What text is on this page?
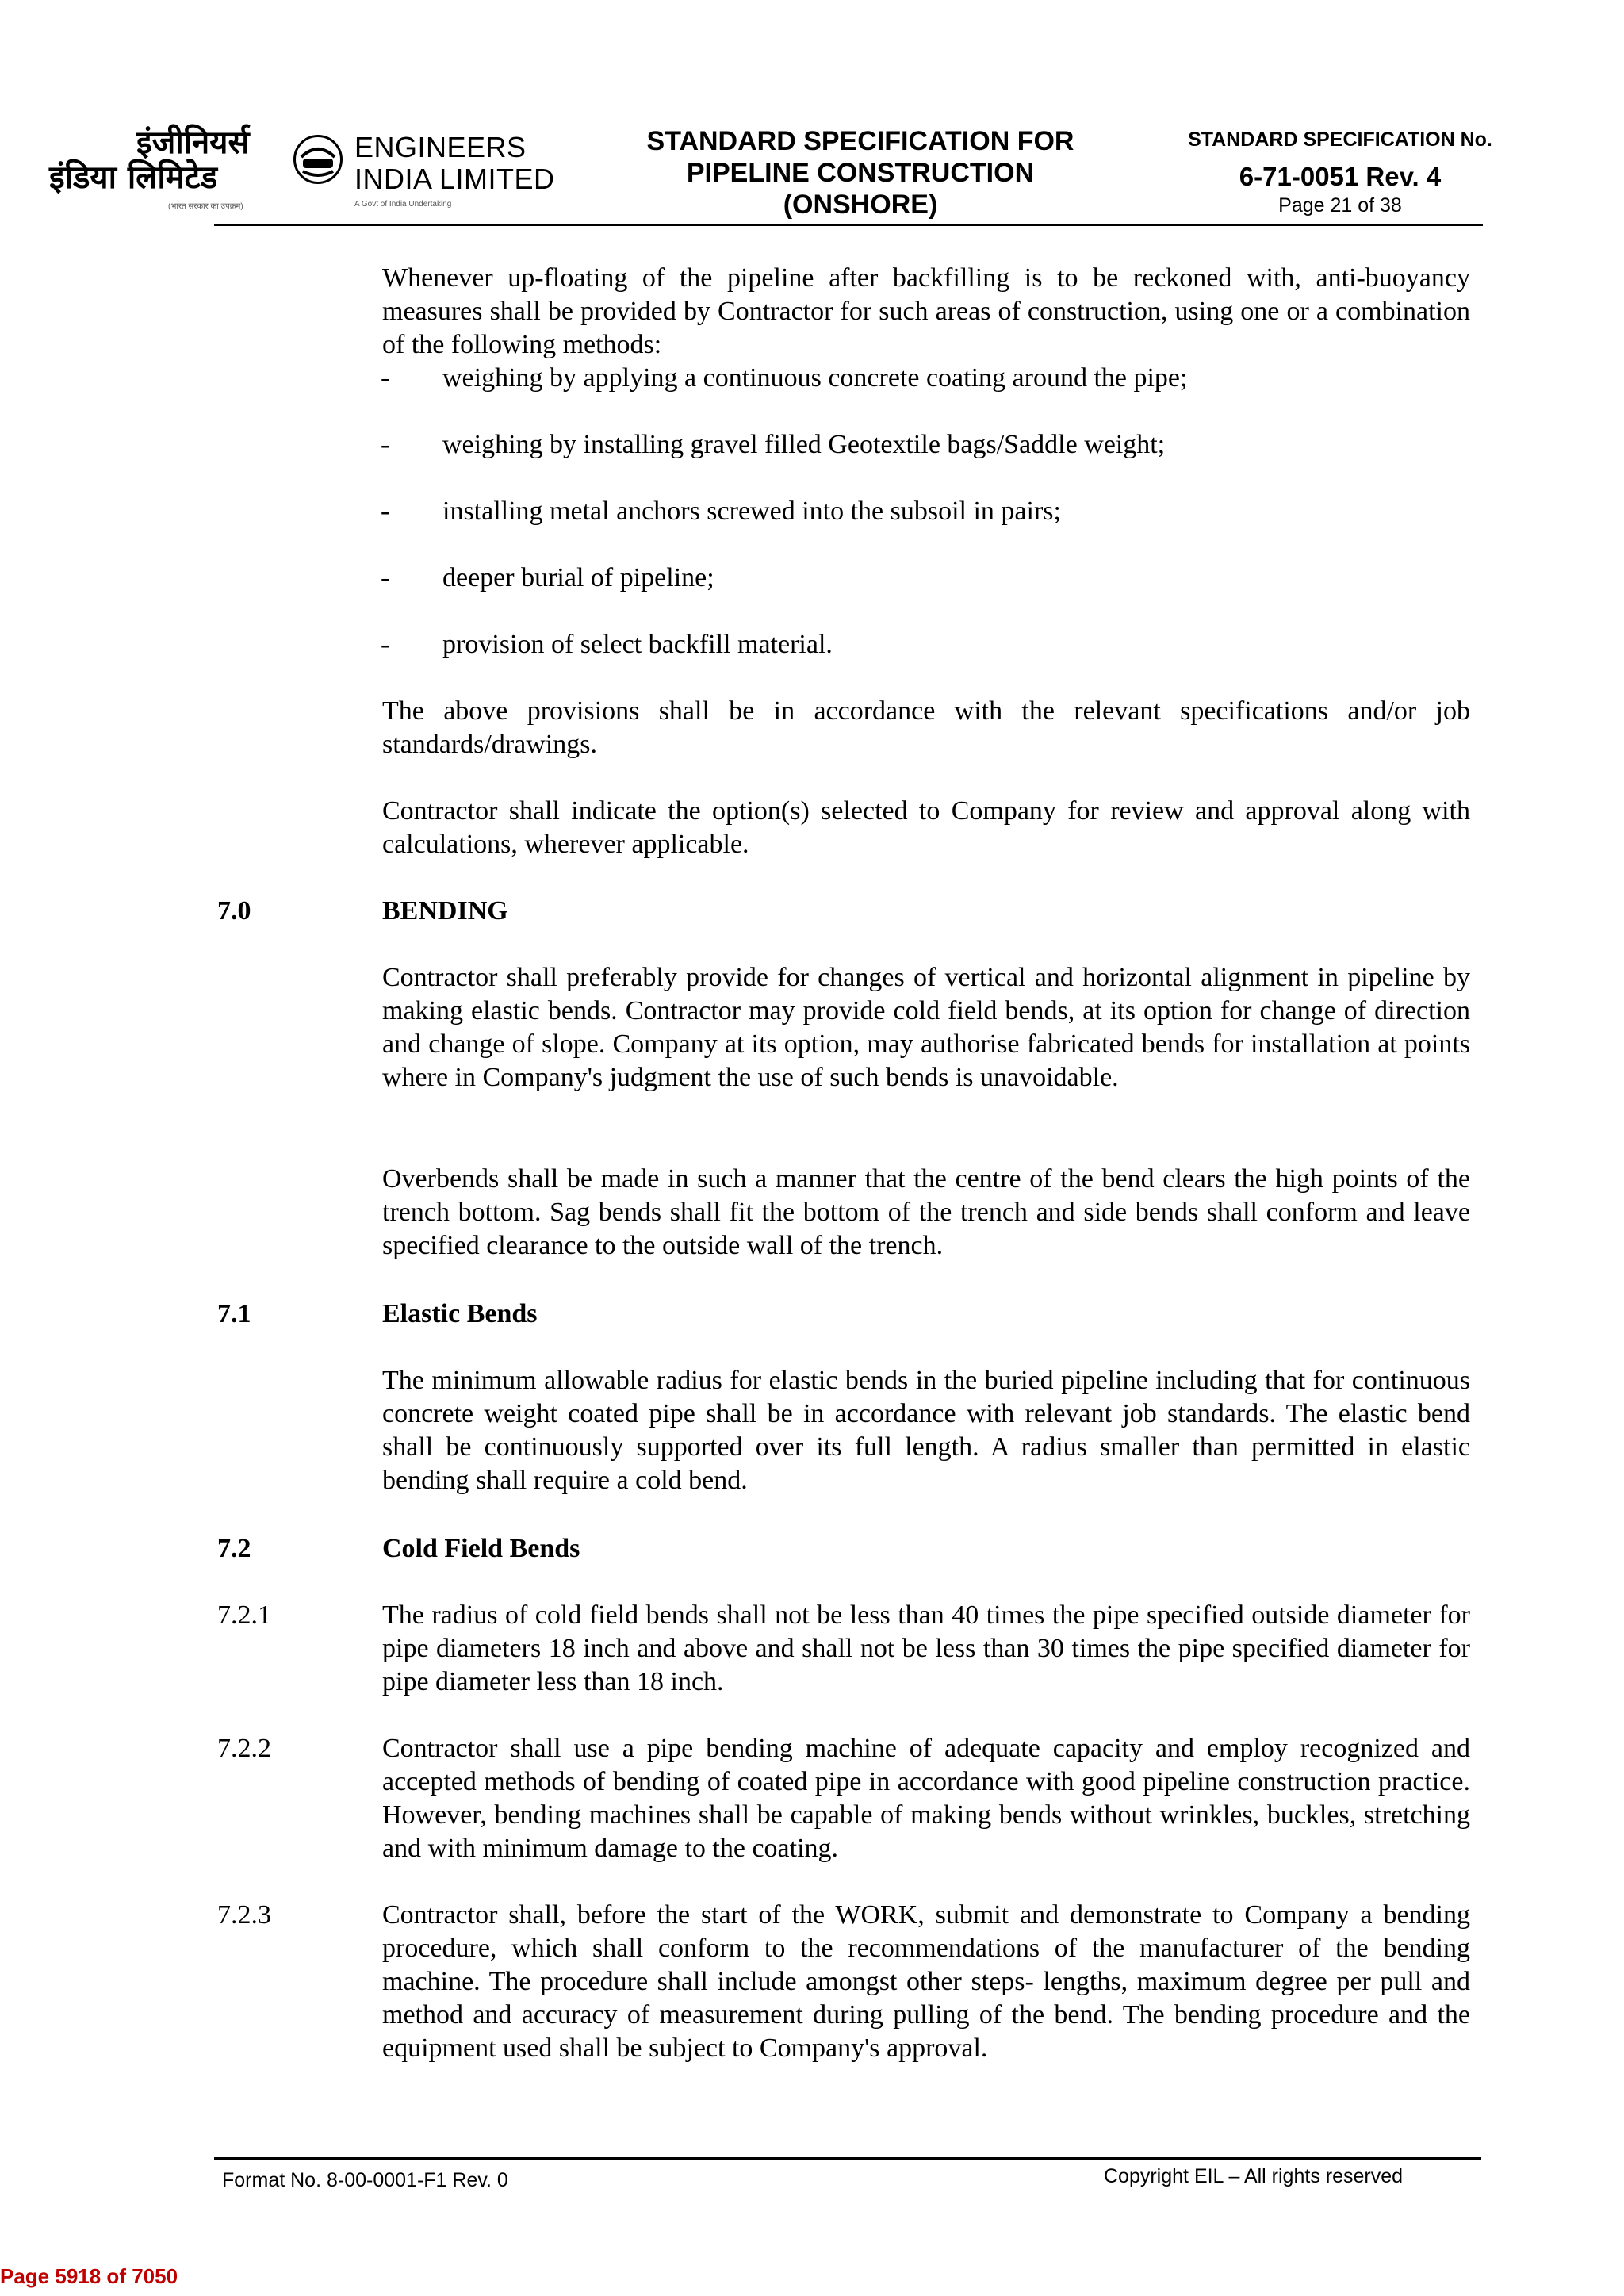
इंजीनियर्स
इंडिया लिमिटेड
ENGINEERS
INDIA LIMITED
(भारत सरकार का उपक्रम)	A Govt of India Undertaking
STANDARD SPECIFICATION FOR
PIPELINE CONSTRUCTION
(ONSHORE)
STANDARD SPECIFICATION No.
6-71-0051 Rev. 4
Page 21 of 38
Whenever up-floating of the pipeline after backfilling is to be reckoned with, anti-buoyancy measures shall be provided by Contractor for such areas of construction, using one or a combination of the following methods:
- weighing by applying a continuous concrete coating around the pipe;
- weighing by installing gravel filled Geotextile bags/Saddle weight;
- installing metal anchors screwed into the subsoil in pairs;
- deeper burial of pipeline;
- provision of select backfill material.
The above provisions shall be in accordance with the relevant specifications and/or job standards/drawings.
Contractor shall indicate the option(s) selected to Company for review and approval along with calculations, wherever applicable.
7.0	BENDING
Contractor shall preferably provide for changes of vertical and horizontal alignment in pipeline by making elastic bends. Contractor may provide cold field bends, at its option for change of direction and change of slope. Company at its option, may authorise fabricated bends for installation at points where in Company's judgment the use of such bends is unavoidable.
Overbends shall be made in such a manner that the centre of the bend clears the high points of the trench bottom. Sag bends shall fit the bottom of the trench and side bends shall conform and leave specified clearance to the outside wall of the trench.
7.1	Elastic Bends
The minimum allowable radius for elastic bends in the buried pipeline including that for continuous concrete weight coated pipe shall be in accordance with relevant job standards. The elastic bend shall be continuously supported over its full length. A radius smaller than permitted in elastic bending shall require a cold bend.
7.2	Cold Field Bends
7.2.1	The radius of cold field bends shall not be less than 40 times the pipe specified outside diameter for pipe diameters 18 inch and above and shall not be less than 30 times the pipe specified diameter for pipe diameter less than 18 inch.
7.2.2	Contractor shall use a pipe bending machine of adequate capacity and employ recognized and accepted methods of bending of coated pipe in accordance with good pipeline construction practice. However, bending machines shall be capable of making bends without wrinkles, buckles, stretching and with minimum damage to the coating.
7.2.3	Contractor shall, before the start of the WORK, submit and demonstrate to Company a bending procedure, which shall conform to the recommendations of the manufacturer of the bending machine. The procedure shall include amongst other steps- lengths, maximum degree per pull and method and accuracy of measurement during pulling of the bend. The bending procedure and the equipment used shall be subject to Company's approval.
Format No. 8-00-0001-F1 Rev. 0	Copyright EIL – All rights reserved
Page 5918 of 7050
